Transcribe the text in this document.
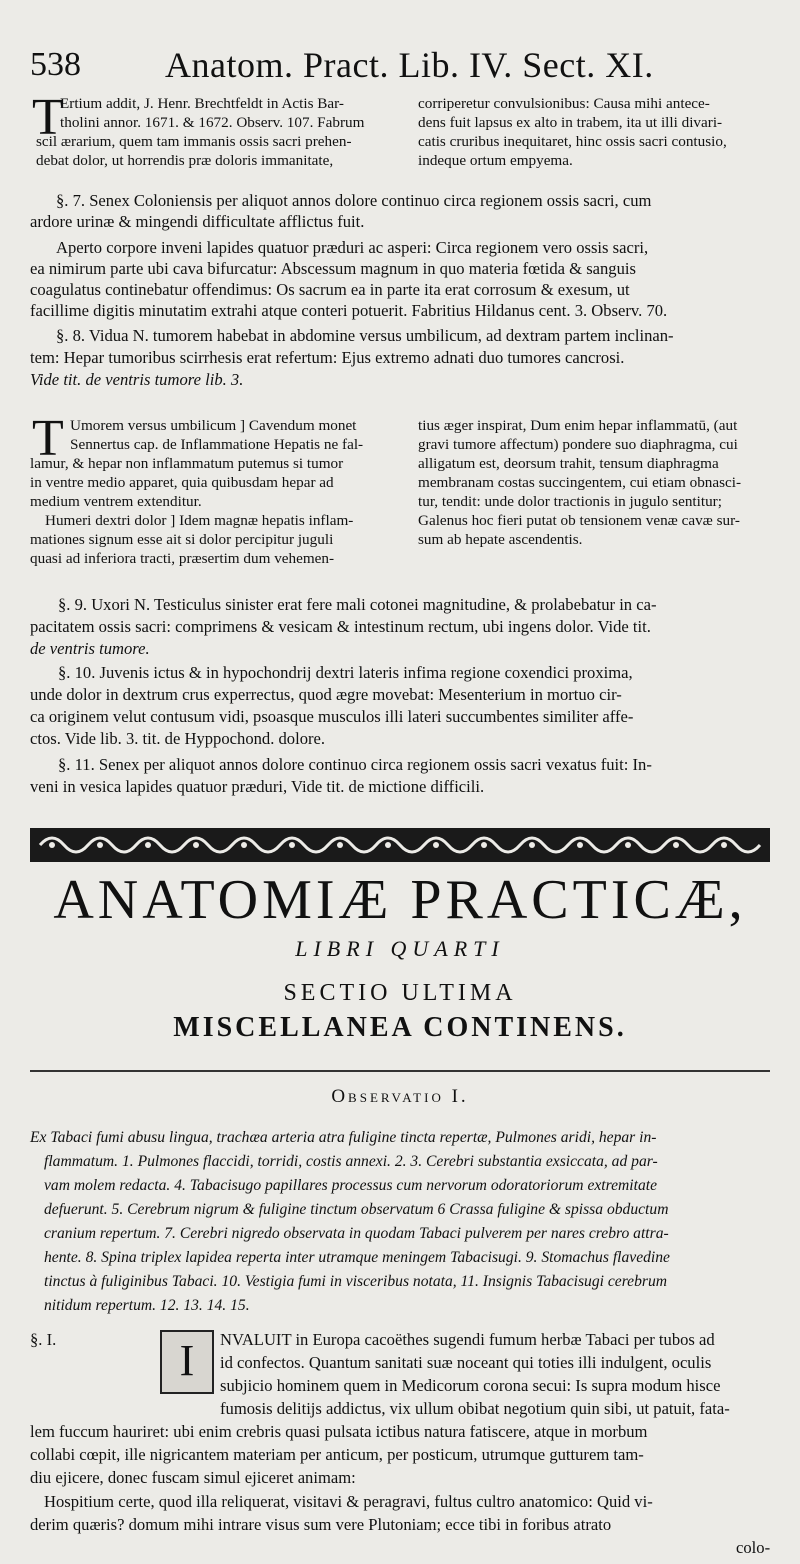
538 Anatom. Pract. Lib. IV. Sect. XI.
T
Ertium addit, J. Henr. Brechtfeldt in Actis Bar-
tholini annor. 1671. & 1672. Observ. 107. Fabrum
scil ærarium, quem tam immanis ossis sacri prehen-
debat dolor, ut horrendis præ doloris immanitate,
corriperetur convulsionibus: Causa mihi antece-
dens fuit lapsus ex alto in trabem, ita ut illi divari-
catis cruribus inequitaret, hinc ossis sacri contusio,
indeque ortum empyema.
§. 7. Senex Coloniensis per aliquot annos dolore continuo circa regionem ossis sacri, cum
ardore urinæ & mingendi difficultate afflictus fuit.
Aperto corpore inveni lapides quatuor præduri ac asperi: Circa regionem vero ossis sacri,
ea nimirum parte ubi cava bifurcatur: Abscessum magnum in quo materia fœtida & sanguis
coagulatus continebatur offendimus: Os sacrum ea in parte ita erat corrosum & exesum, ut
facillime digitis minutatim extrahi atque conteri potuerit. Fabritius Hildanus cent. 3. Observ. 70.
§. 8. Vidua N. tumorem habebat in abdomine versus umbilicum, ad dextram partem inclinan-
tem: Hepar tumoribus scirrhesis erat refertum: Ejus extremo adnati duo tumores cancrosi.
Vide tit. de ventris tumore lib. 3.
T Umorem versus umbilicum ] Cavendum monet
Sennertus cap. de Inflammatione Hepatis ne fal-
lamur, & hepar non inflammatum putemus si tumor
in ventre medio apparet, quia quibusdam hepar ad
medium ventrem extenditur.
Humeri dextri dolor ] Idem magnæ hepatis inflam-
mationes signum esse ait si dolor percipitur juguli
quasi ad inferiora tracti, præsertim dum vehemen-
tius æger inspirat, Dum enim hepar inflammatū, (aut
gravi tumore affectum) pondere suo diaphragma, cui
alligatum est, deorsum trahit, tensum diaphragma
membranam costas succingentem, cui etiam obnasci-
tur, tendit: unde dolor tractionis in jugulo sentitur;
Galenus hoc fieri putat ob tensionem venæ cavæ sur-
sum ab hepate ascendentis.
§. 9. Uxori N. Testiculus sinister erat fere mali cotonei magnitudine, & prolabebatur in ca-
pacitatem ossis sacri: comprimens & vesicam & intestinum rectum, ubi ingens dolor. Vide tit.
de ventris tumore.
§. 10. Juvenis ictus & in hypochondrij dextri lateris infima regione coxendici proxima,
unde dolor in dextrum crus experrectus, quod ægre movebat: Mesenterium in mortuo cir-
ca originem velut contusum vidi, psoasque musculos illi lateri succumbentes similiter affe-
ctos. Vide lib. 3. tit. de Hyppochond. dolore.
§. 11. Senex per aliquot annos dolore continuo circa regionem ossis sacri vexatus fuit: In-
veni in vesica lapides quatuor præduri, Vide tit. de mictione difficili.
ANATOMIÆ PRACTICÆ,
LIBRI QUARTI
SECTIO ULTIMA
MISCELLANEA CONTINENS.
Observatio I.
Ex Tabaci fumi abusu lingua, trachæa arteria atra fuligine tincta repertæ, Pulmones aridi, hepar in-
flammatum. 1. Pulmones flaccidi, torridi, costis annexi. 2. 3. Cerebri substantia exsiccata, ad par-
vam molem redacta. 4. Tabacisugo papillares processus cum nervorum odoratoriorum extremitate
defuerunt. 5. Cerebrum nigrum & fuligine tinctum observatum 6 Crassa fuligine & spissa obductum
cranium repertum. 7. Cerebri nigredo observata in quodam Tabaci pulverem per nares crebro attra-
hente. 8. Spina triplex lapidea reperta inter utramque meningem Tabacisugi. 9. Stomachus flavedine
tinctus à fuliginibus Tabaci. 10. Vestigia fumi in visceribus notata, 11. Insignis Tabacisugi cerebrum
nitidum repertum. 12. 13. 14. 15.
§. I.	I	NVALUIT in Europa cacoëthes sugendi fumum herbæ Tabaci per tubos ad
id confectos. Quantum sanitati suæ noceant qui toties illi indulgent, oculis
subjicio hominem quem in Medicorum corona secui: Is supra modum hisce
fumosis delitijs addictus, vix ullum obibat negotium quin sibi, ut patuit, fata-
lem fuccum hauriret: ubi enim crebris quasi pulsata ictibus natura fatiscere, atque in morbum
collabi cœpit, ille nigricantem materiam per anticum, per posticum, utrumque gutturem tam-
diu ejicere, donec fuscam simul ejiceret animam:
Hospitium certe, quod illa reliquerat, visitavi & peragravi, fultus cultro anatomico: Quid vi-
derim quæris? domum mihi intrare visus sum vere Plutoniam; ecce tibi in foribus atrato
colo-
